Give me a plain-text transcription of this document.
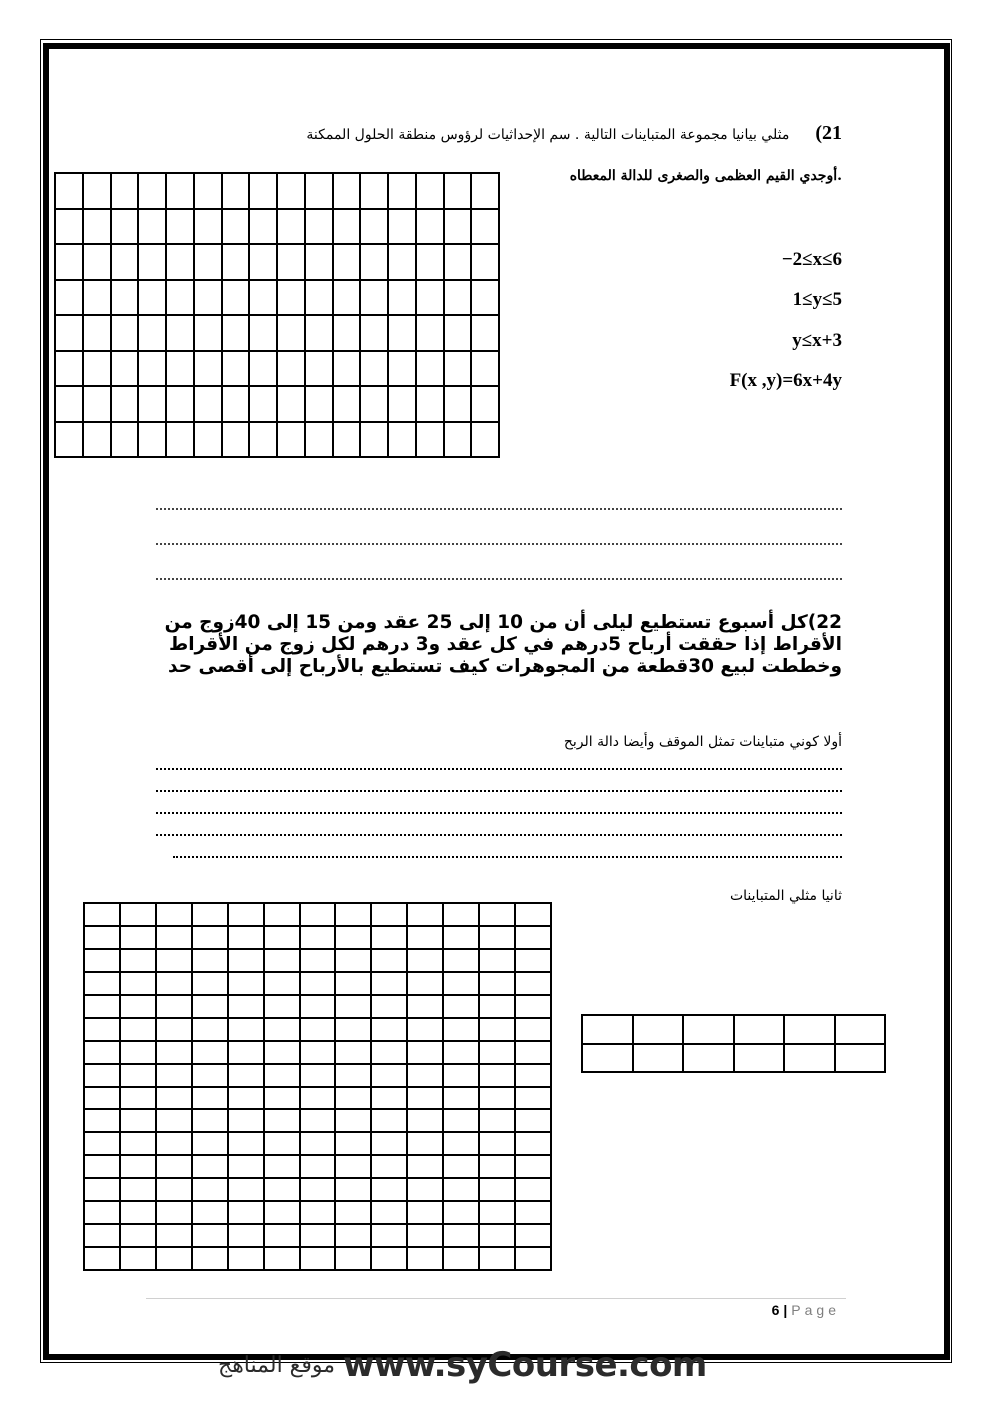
21)مثلي بيانيا مجموعة المتباينات التالية . سم الإحداثيات لرؤوس منطقة الحلول الممكنة
.أوجدي القيم العظمى والصغرى للدالة المعطاه
−2≤x≤6
1≤y≤5
y≤x+3
F(x ,y)=6x+4y

22)كل أسبوع تستطيع ليلى أن من 10 إلى 25 عقد ومن 15 إلى 40زوج من الأقراط إذا حققت أرباح 5درهم في كل عقد و3 درهم لكل زوج من الأقراط وخططت لبيع 30قطعة من المجوهرات كيف تستطيع بالأرباح إلى أقصى حد
أولا كوني متباينات تمثل الموقف وأيضا دالة الربح
ثانيا مثلي المتباينات

6 | Page
موقع المناهج www.syCourse.com
